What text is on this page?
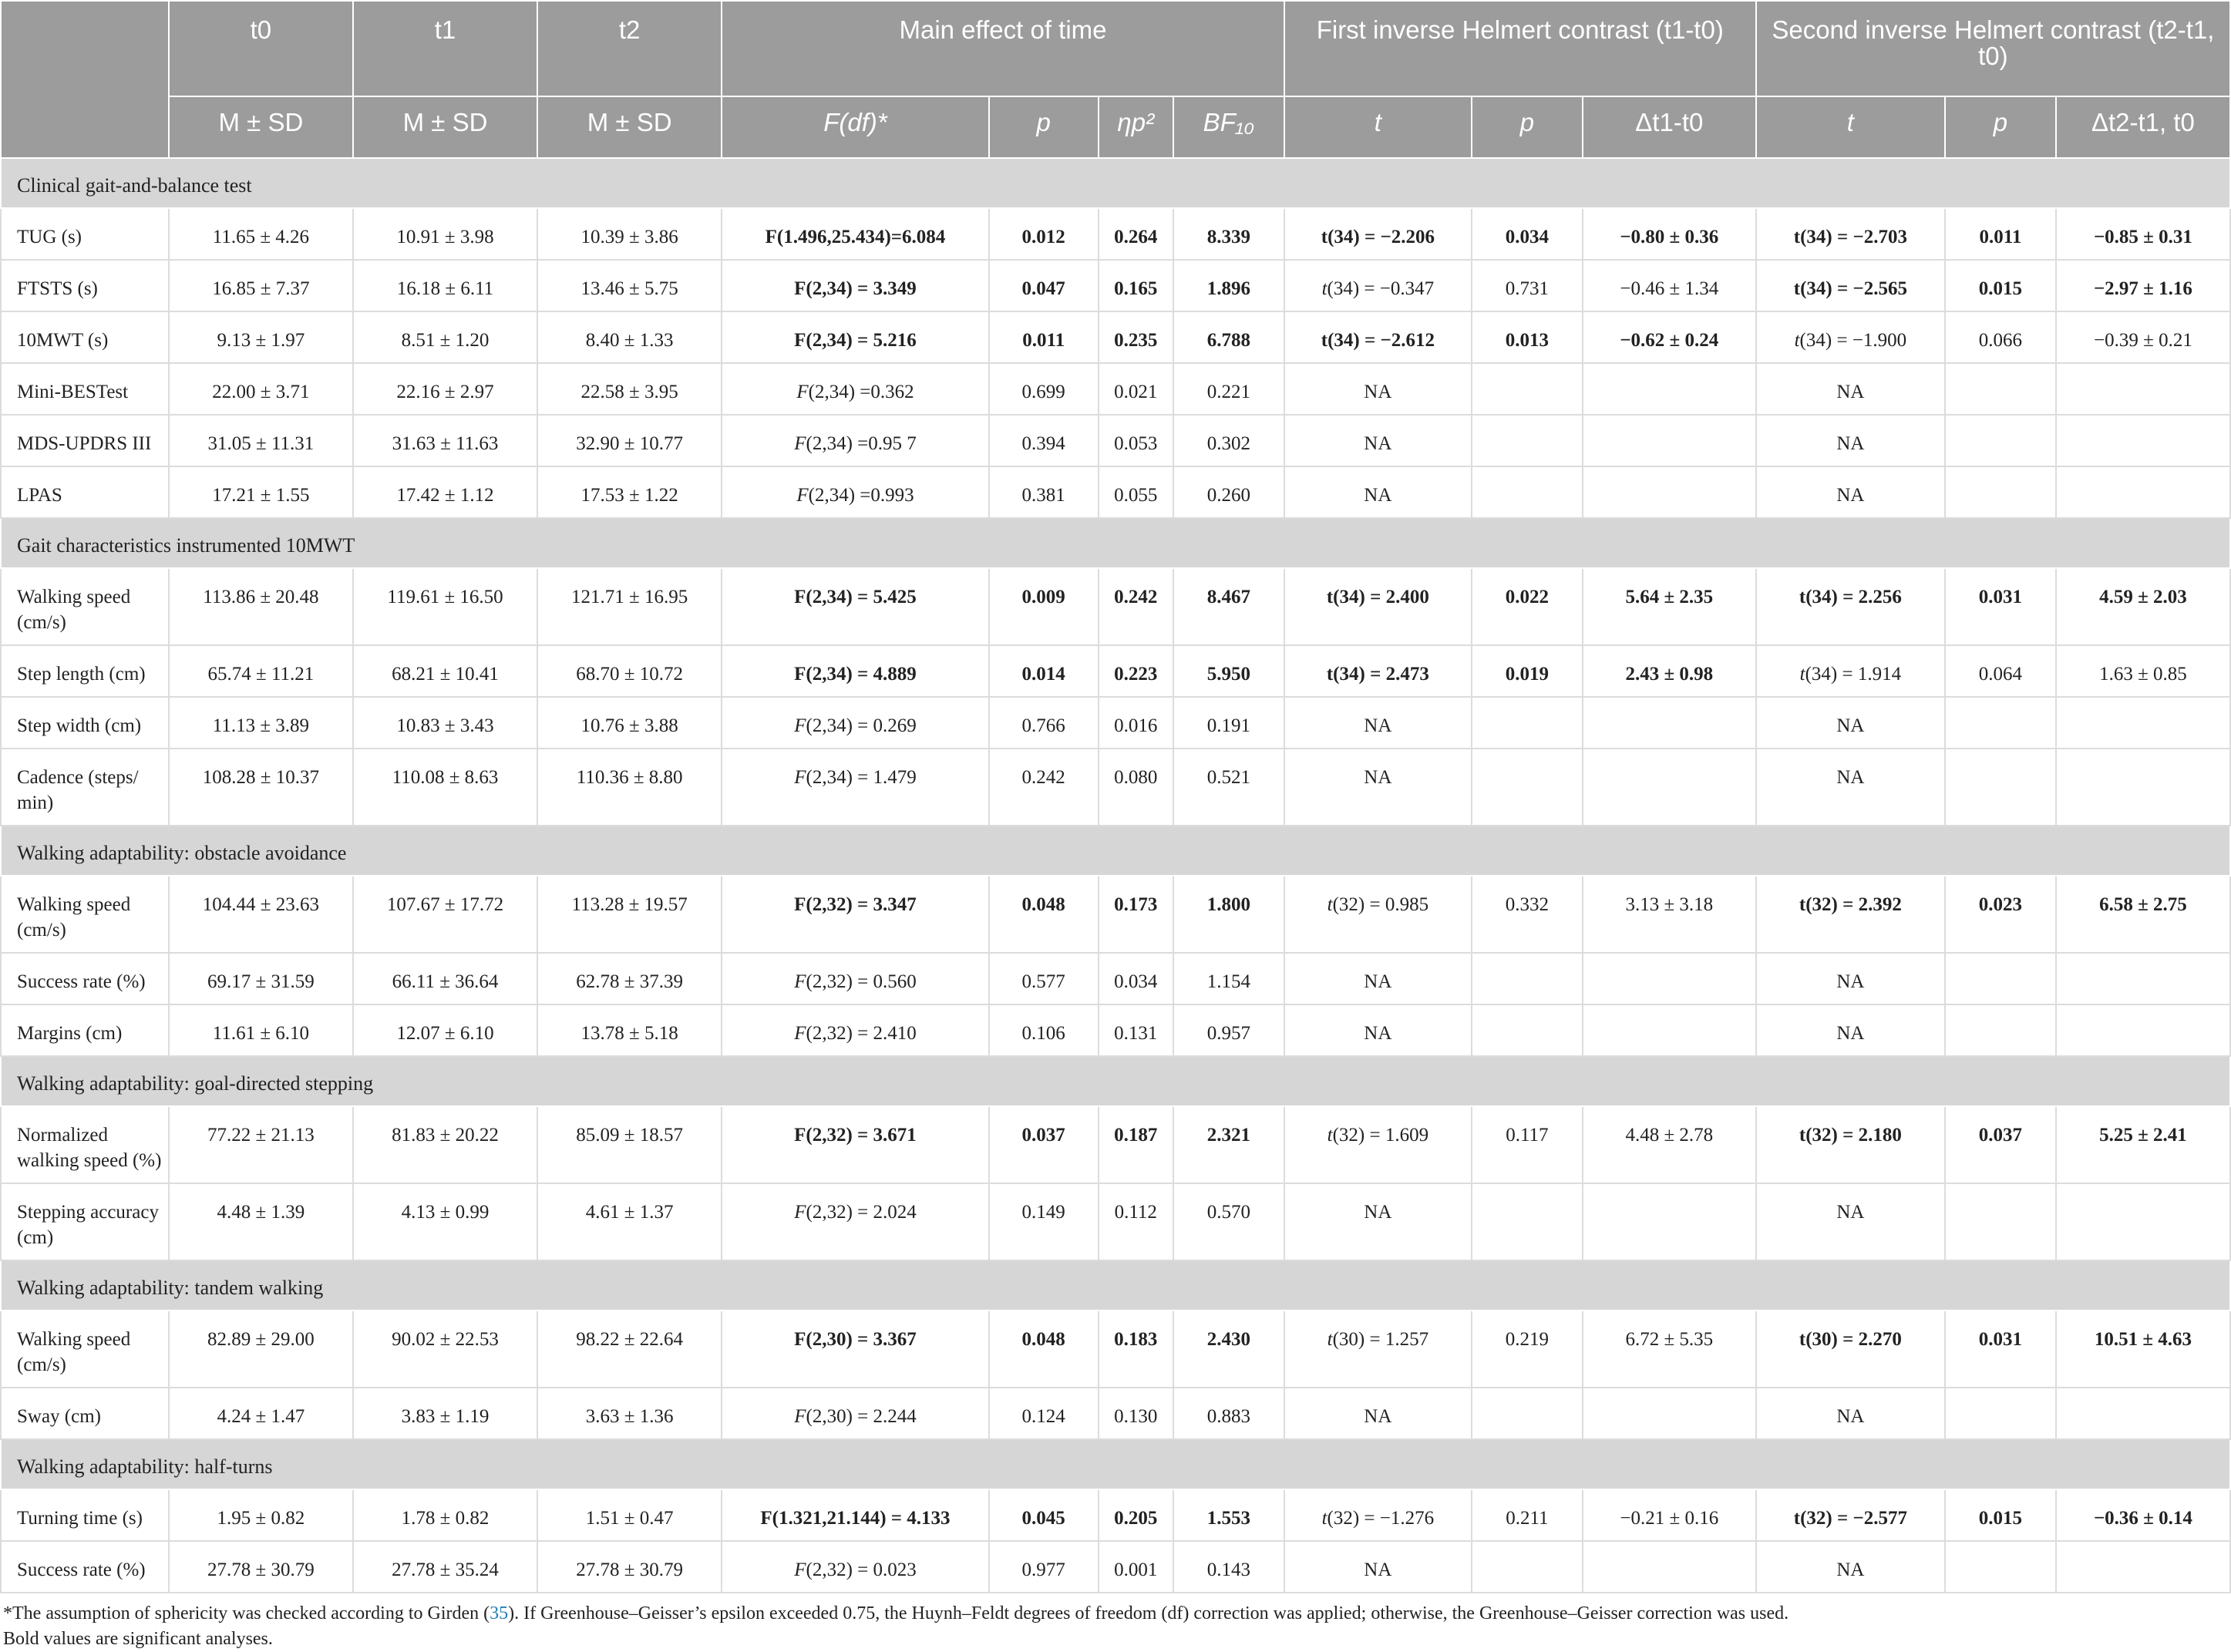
	t0	t1	t2	Main effect of time				First inverse Helmert contrast (t1-t0)			Second inverse Helmert contrast (t2-t1, t0)		
	M ± SD	M ± SD	M ± SD	F(df)*	p	ηp²	BF₁₀	t	p	Δt1-t0	t	p	Δt2-t1, t0
Clinical gait-and-balance test													
TUG (s)	11.65 ± 4.26	10.91 ± 3.98	10.39 ± 3.86	F(1.496,25.434)=6.084	0.012	0.264	8.339	t(34) = −2.206	0.034	−0.80 ± 0.36	t(34) = −2.703	0.011	−0.85 ± 0.31
FTSTS (s)	16.85 ± 7.37	16.18 ± 6.11	13.46 ± 5.75	F(2,34) = 3.349	0.047	0.165	1.896	t(34) = −0.347	0.731	−0.46 ± 1.34	t(34) = −2.565	0.015	−2.97 ± 1.16
10MWT (s)	9.13 ± 1.97	8.51 ± 1.20	8.40 ± 1.33	F(2,34) = 5.216	0.011	0.235	6.788	t(34) = −2.612	0.013	−0.62 ± 0.24	t(34) = −1.900	0.066	−0.39 ± 0.21
Mini-BESTest	22.00 ± 3.71	22.16 ± 2.97	22.58 ± 3.95	F(2,34) =0.362	0.699	0.021	0.221	NA			NA		
MDS-UPDRS III	31.05 ± 11.31	31.63 ± 11.63	32.90 ± 10.77	F(2,34) =0.95 7	0.394	0.053	0.302	NA			NA		
LPAS	17.21 ± 1.55	17.42 ± 1.12	17.53 ± 1.22	F(2,34) =0.993	0.381	0.055	0.260	NA			NA		
Gait characteristics instrumented 10MWT													
Walking speed (cm/s)	113.86 ± 20.48	119.61 ± 16.50	121.71 ± 16.95	F(2,34) = 5.425	0.009	0.242	8.467	t(34) = 2.400	0.022	5.64 ± 2.35	t(34) = 2.256	0.031	4.59 ± 2.03
Step length (cm)	65.74 ± 11.21	68.21 ± 10.41	68.70 ± 10.72	F(2,34) = 4.889	0.014	0.223	5.950	t(34) = 2.473	0.019	2.43 ± 0.98	t(34) = 1.914	0.064	1.63 ± 0.85
Step width (cm)	11.13 ± 3.89	10.83 ± 3.43	10.76 ± 3.88	F(2,34) = 0.269	0.766	0.016	0.191	NA			NA		
Cadence (steps/ min)	108.28 ± 10.37	110.08 ± 8.63	110.36 ± 8.80	F(2,34) = 1.479	0.242	0.080	0.521	NA			NA		
Walking adaptability: obstacle avoidance													
Walking speed (cm/s)	104.44 ± 23.63	107.67 ± 17.72	113.28 ± 19.57	F(2,32) = 3.347	0.048	0.173	1.800	t(32) = 0.985	0.332	3.13 ± 3.18	t(32) = 2.392	0.023	6.58 ± 2.75
Success rate (%)	69.17 ± 31.59	66.11 ± 36.64	62.78 ± 37.39	F(2,32) = 0.560	0.577	0.034	1.154	NA			NA		
Margins (cm)	11.61 ± 6.10	12.07 ± 6.10	13.78 ± 5.18	F(2,32) = 2.410	0.106	0.131	0.957	NA			NA		
Walking adaptability: goal-directed stepping													
Normalized walking speed (%)	77.22 ± 21.13	81.83 ± 20.22	85.09 ± 18.57	F(2,32) = 3.671	0.037	0.187	2.321	t(32) = 1.609	0.117	4.48 ± 2.78	t(32) = 2.180	0.037	5.25 ± 2.41
Stepping accuracy (cm)	4.48 ± 1.39	4.13 ± 0.99	4.61 ± 1.37	F(2,32) = 2.024	0.149	0.112	0.570	NA			NA		
Walking adaptability: tandem walking													
Walking speed (cm/s)	82.89 ± 29.00	90.02 ± 22.53	98.22 ± 22.64	F(2,30) = 3.367	0.048	0.183	2.430	t(30) = 1.257	0.219	6.72 ± 5.35	t(30) = 2.270	0.031	10.51 ± 4.63
Sway (cm)	4.24 ± 1.47	3.83 ± 1.19	3.63 ± 1.36	F(2,30) = 2.244	0.124	0.130	0.883	NA			NA		
Walking adaptability: half-turns													
Turning time (s)	1.95 ± 0.82	1.78 ± 0.82	1.51 ± 0.47	F(1.321,21.144) = 4.133	0.045	0.205	1.553	t(32) = −1.276	0.211	−0.21 ± 0.16	t(32) = −2.577	0.015	−0.36 ± 0.14
Success rate (%)	27.78 ± 30.79	27.78 ± 35.24	27.78 ± 30.79	F(2,32) = 0.023	0.977	0.001	0.143	NA			NA		
*The assumption of sphericity was checked according to Girden (35). If Greenhouse–Geisser’s epsilon exceeded 0.75, the Huynh–Feldt degrees of freedom (df) correction was applied; otherwise, the Greenhouse–Geisser correction was used.
Bold values are significant analyses.
